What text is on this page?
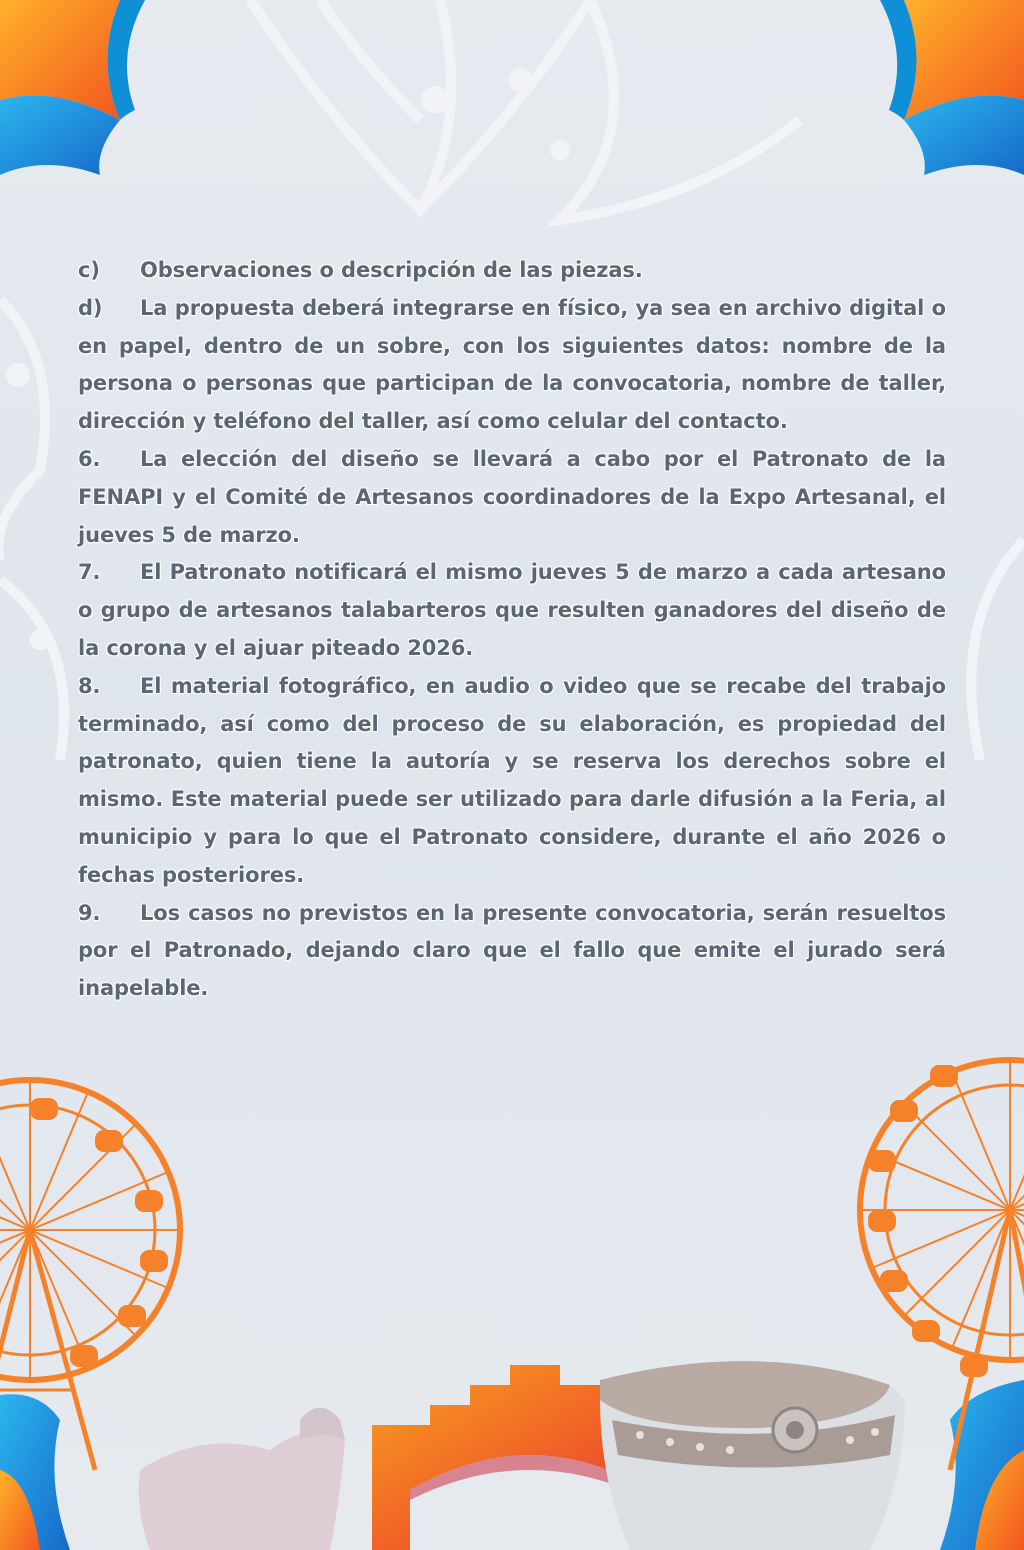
c) Observaciones o descripción de las piezas.

d) La propuesta deberá integrarse en físico, ya sea en archivo digital o en papel, dentro de un sobre, con los siguientes datos: nombre de la persona o personas que participan de la convocatoria, nombre de taller, dirección y teléfono del taller, así como celular del contacto.

6. La elección del diseño se llevará a cabo por el Patronato de la FENAPI y el Comité de Artesanos coordinadores de la Expo Artesanal, el jueves 5 de marzo.

7. El Patronato notificará el mismo jueves 5 de marzo a cada artesano o grupo de artesanos talabarteros que resulten ganadores del diseño de la corona y el ajuar piteado 2026.

8. El material fotográfico, en audio o video que se recabe del trabajo terminado, así como del proceso de su elaboración, es propiedad del patronato, quien tiene la autoría y se reserva los derechos sobre el mismo. Este material puede ser utilizado para darle difusión a la Feria, al municipio y para lo que el Patronato considere, durante el año 2026 o fechas posteriores.

9. Los casos no previstos en la presente convocatoria, serán resueltos por el Patronado, dejando claro que el fallo que emite el jurado será inapelable.
